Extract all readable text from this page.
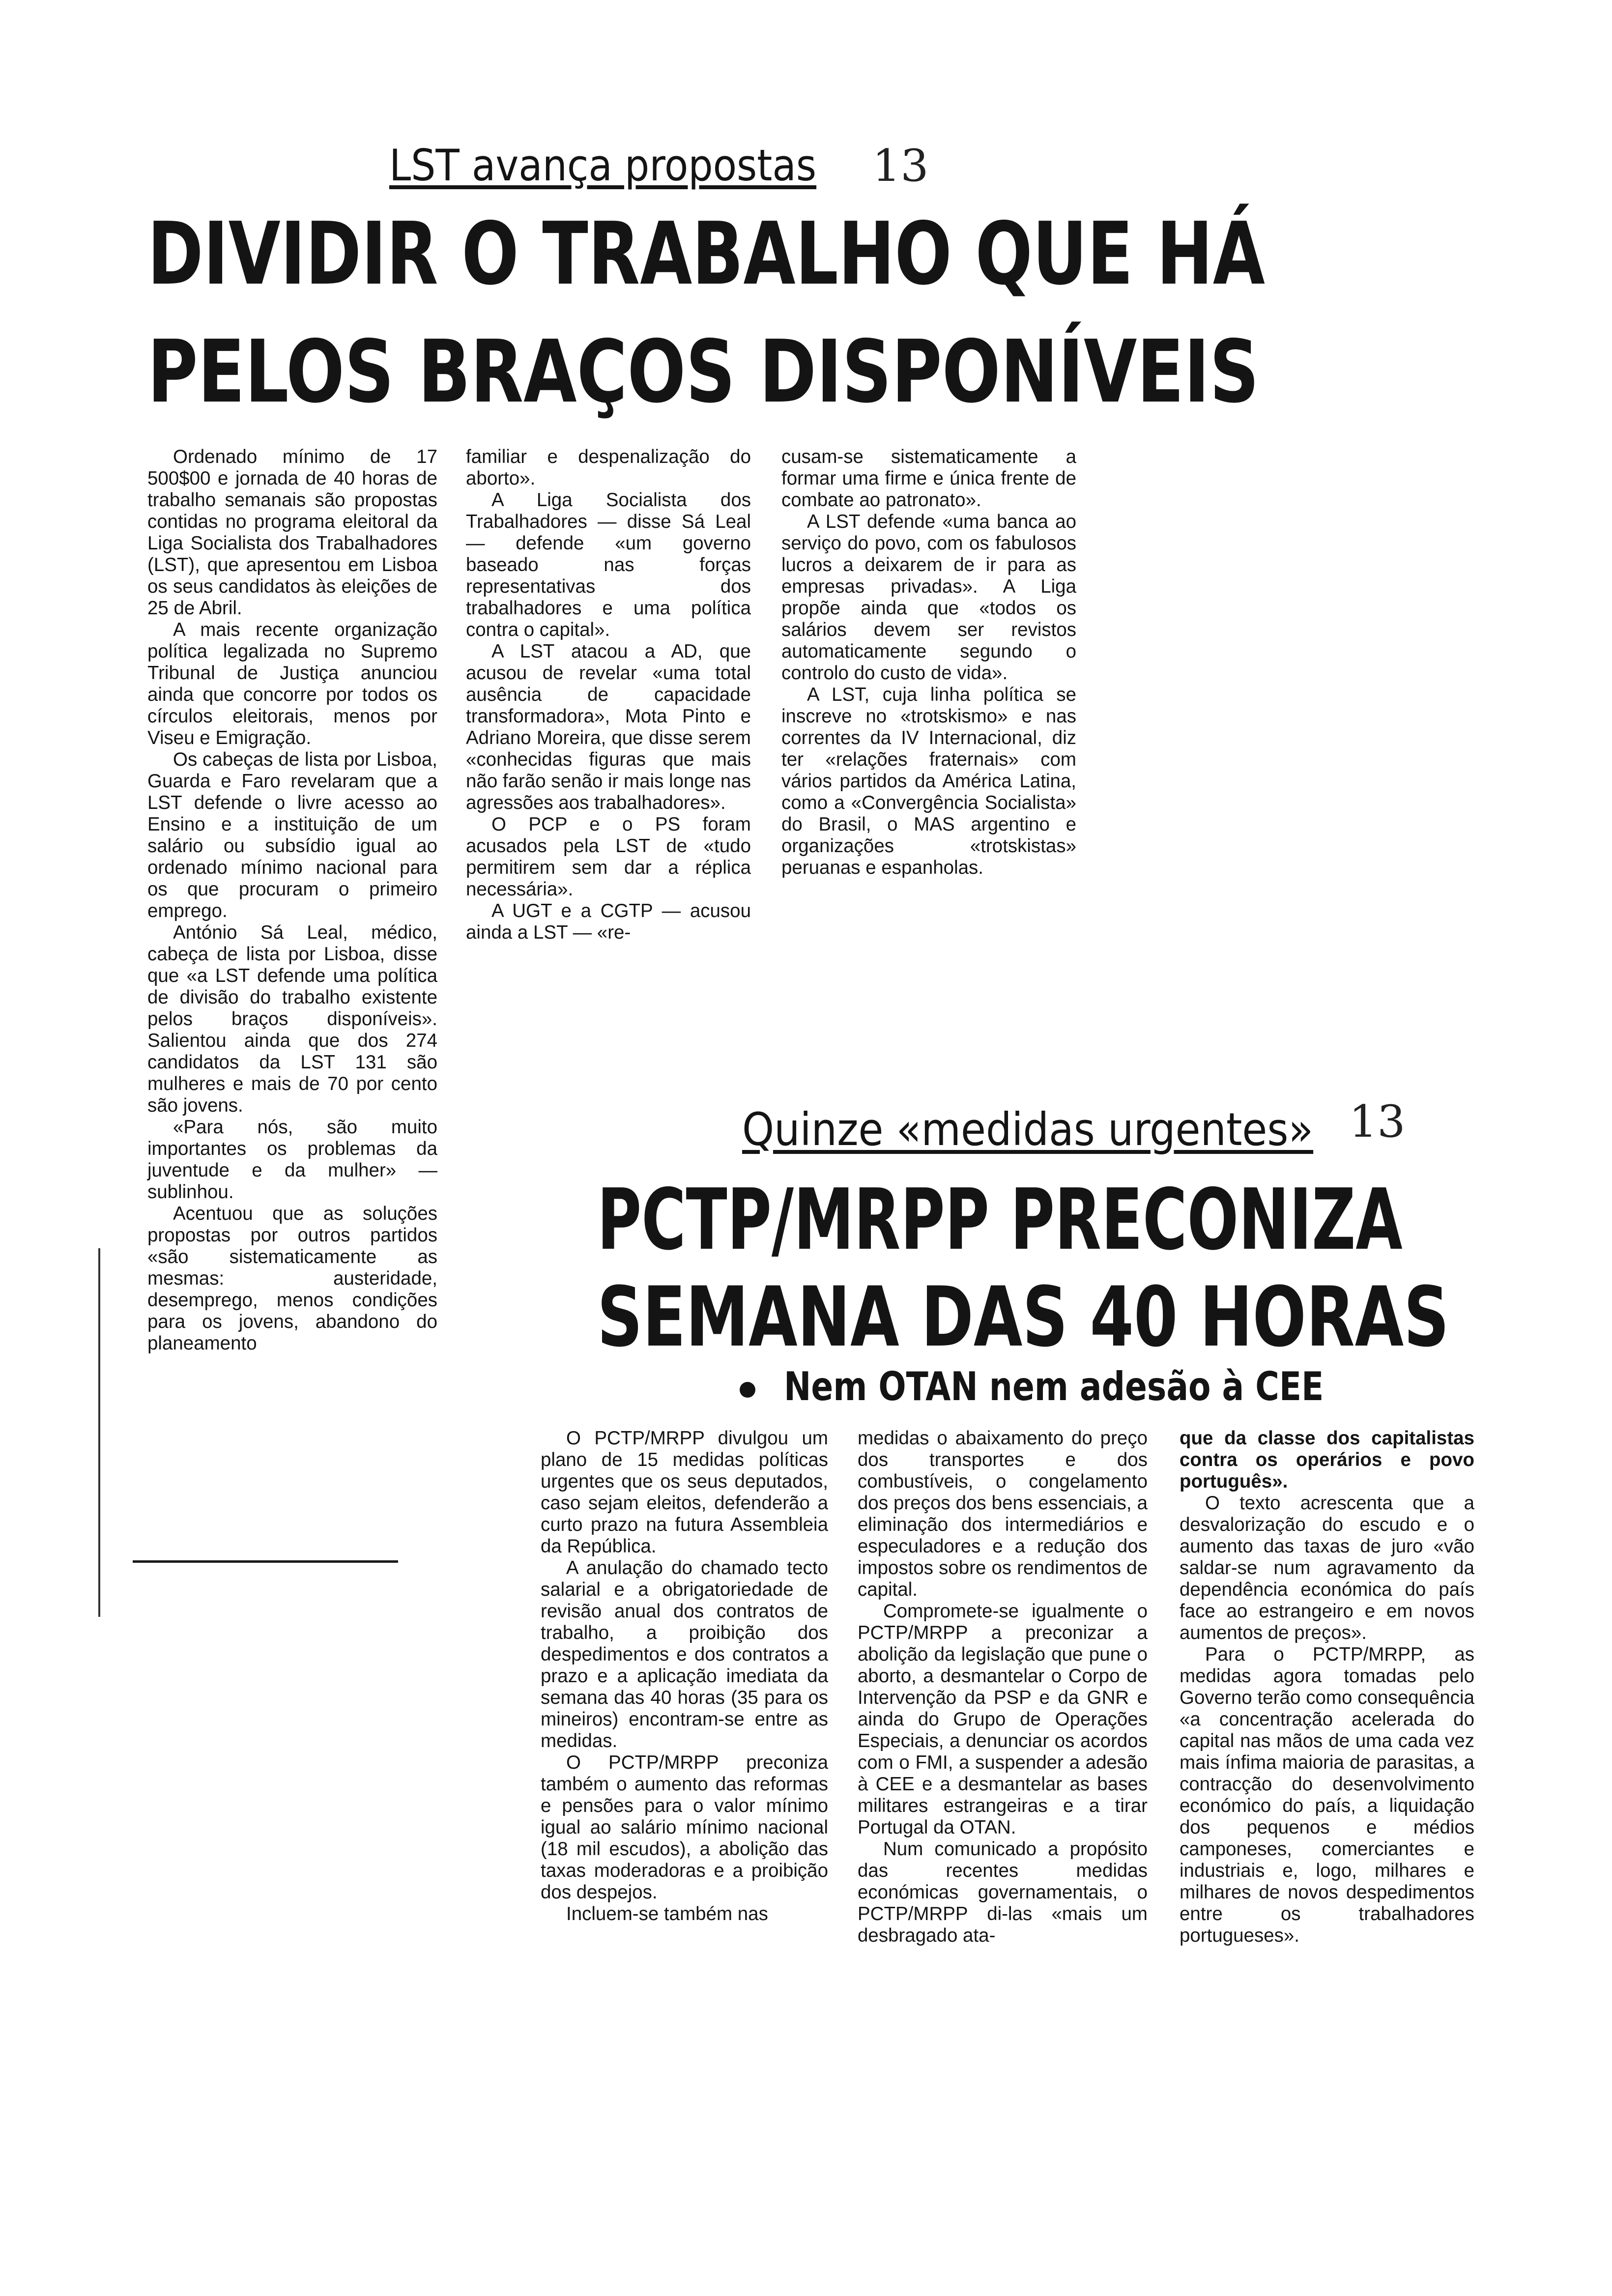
LST avança propostas 13
DIVIDIR O TRABALHO QUE HÁ
PELOS BRAÇOS DISPONÍVEIS

Ordenado mínimo de 17 500$00 e jornada de 40 horas de trabalho semanais são propostas contidas no programa eleitoral da Liga Socialista dos Trabalhadores (LST), que apresentou em Lisboa os seus candidatos às eleições de 25 de Abril.

A mais recente organização política legalizada no Supremo Tribunal de Justiça anunciou ainda que concorre por todos os círculos eleitorais, menos por Viseu e Emigração.

Os cabeças de lista por Lisboa, Guarda e Faro revelaram que a LST defende o livre acesso ao Ensino e a instituição de um salário ou subsídio igual ao ordenado mínimo nacional para os que procuram o primeiro emprego.

António Sá Leal, médico, cabeça de lista por Lisboa, disse que «a LST defende uma política de divisão do trabalho existente pelos braços disponíveis». Salientou ainda que dos 274 candidatos da LST 131 são mulheres e mais de 70 por cento são jovens.

«Para nós, são muito importantes os problemas da juventude e da mulher» — sublinhou.

Acentuou que as soluções propostas por outros partidos «são sistematicamente as mesmas: austeridade, desemprego, menos condições para os jovens, abandono do planeamento

familiar e despenalização do aborto».

A Liga Socialista dos Trabalhadores — disse Sá Leal — defende «um governo baseado nas forças representativas dos trabalhadores e uma política contra o capital».

A LST atacou a AD, que acusou de revelar «uma total ausência de capacidade transformadora», Mota Pinto e Adriano Moreira, que disse serem «conhecidas figuras que mais não farão senão ir mais longe nas agressões aos trabalhadores».

O PCP e o PS foram acusados pela LST de «tudo permitirem sem dar a réplica necessária».

A UGT e a CGTP — acusou ainda a LST — «re-

cusam-se sistematicamente a formar uma firme e única frente de combate ao patronato».

A LST defende «uma banca ao serviço do povo, com os fabulosos lucros a deixarem de ir para as empresas privadas». A Liga propõe ainda que «todos os salários devem ser revistos automaticamente segundo o controlo do custo de vida».

A LST, cuja linha política se inscreve no «trotskismo» e nas correntes da IV Internacional, diz ter «relações fraternais» com vários partidos da América Latina, como a «Convergência Socialista» do Brasil, o MAS argentino e organizações «trotskistas» peruanas e espanholas.

Quinze «medidas urgentes» 13
PCTP/MRPP PRECONIZA
SEMANA DAS 40 HORAS
Nem OTAN nem adesão à CEE

O PCTP/MRPP divulgou um plano de 15 medidas políticas urgentes que os seus deputados, caso sejam eleitos, defenderão a curto prazo na futura Assembleia da República.

A anulação do chamado tecto salarial e a obrigatoriedade de revisão anual dos contratos de trabalho, a proibição dos despedimentos e dos contratos a prazo e a aplicação imediata da semana das 40 horas (35 para os mineiros) encontram-se entre as medidas.

O PCTP/MRPP preconiza também o aumento das reformas e pensões para o valor mínimo igual ao salário mínimo nacional (18 mil escudos), a abolição das taxas moderadoras e a proibição dos despejos.

Incluem-se também nas

medidas o abaixamento do preço dos transportes e dos combustíveis, o congelamento dos preços dos bens essenciais, a eliminação dos intermediários e especuladores e a redução dos impostos sobre os rendimentos de capital.

Compromete-se igualmente o PCTP/MRPP a preconizar a abolição da legislação que pune o aborto, a desmantelar o Corpo de Intervenção da PSP e da GNR e ainda do Grupo de Operações Especiais, a denunciar os acordos com o FMI, a suspender a adesão à CEE e a desmantelar as bases militares estrangeiras e a tirar Portugal da OTAN.

Num comunicado a propósito das recentes medidas económicas governamentais, o PCTP/MRPP di-las «mais um desbragado ata-

que da classe dos capitalistas contra os operários e povo português».

O texto acrescenta que a desvalorização do escudo e o aumento das taxas de juro «vão saldar-se num agravamento da dependência económica do país face ao estrangeiro e em novos aumentos de preços».

Para o PCTP/MRPP, as medidas agora tomadas pelo Governo terão como consequência «a concentração acelerada do capital nas mãos de uma cada vez mais ínfima maioria de parasitas, a contracção do desenvolvimento económico do país, a liquidação dos pequenos e médios camponeses, comerciantes e industriais e, logo, milhares e milhares de novos despedimentos entre os trabalhadores portugueses».
